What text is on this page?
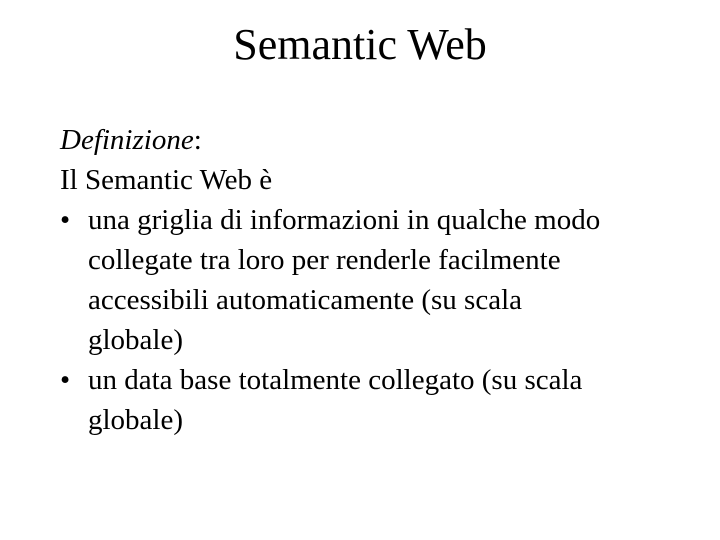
Semantic Web
Definizione:
Il Semantic Web è
• una griglia di informazioni in qualche modo
collegate tra loro per renderle facilmente
accessibili automaticamente (su scala
globale)
• un data base totalmente collegato (su scala
globale)
